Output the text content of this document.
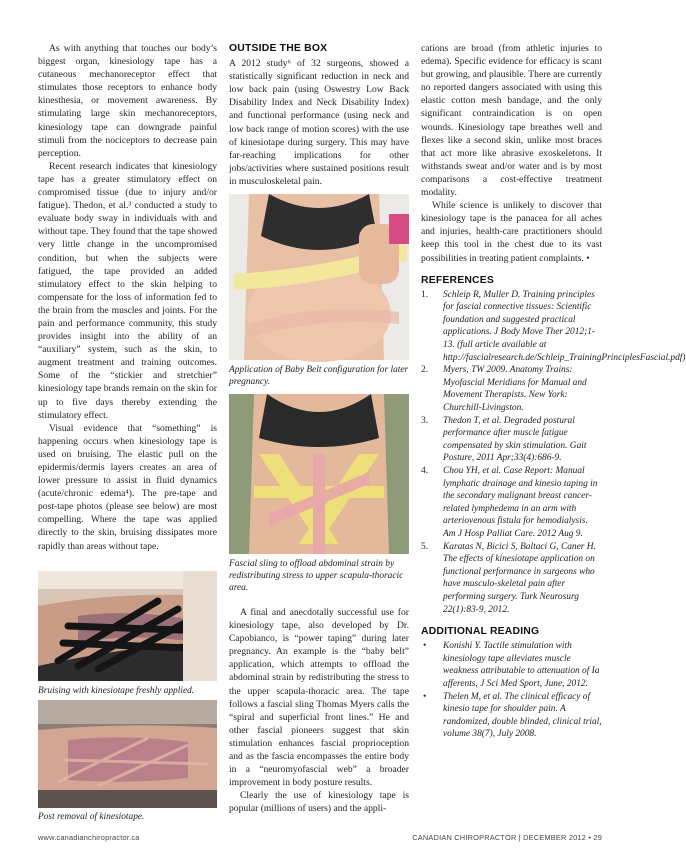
As with anything that touches our body’s biggest organ, kinesiology tape has a cutaneous mechanoreceptor effect that stimulates those receptors to enhance body kinesthesia, or movement awareness. By stimulating large skin mechanoreceptors, kinesiology tape can downgrade painful stimuli from the nociceptors to decrease pain perception.

Recent research indicates that kinesiology tape has a greater stimulatory effect on compromised tissue (due to injury and/or fatigue). Thedon, et al.³ conducted a study to evaluate body sway in individuals with and without tape. They found that the tape showed very little change in the uncompromised condition, but when the subjects were fatigued, the tape provided an added stimulatory effect to the skin helping to compensate for the loss of information fed to the brain from the muscles and joints. For the pain and performance community, this study provides insight into the ability of an “auxiliary” system, such as the skin, to augment treatment and training outcomes. Some of the “stickier and stretchier” kinesiology tape brands remain on the skin for up to five days thereby extending the stimulatory effect.

Visual evidence that “something” is happening occurs when kinesiology tape is used on bruising. The elastic pull on the epidermis/dermis layers creates an area of lower pressure to assist in fluid dynamics (acute/chronic edema⁴). The pre-tape and post-tape photos (please see below) are most compelling. Where the tape was applied directly to the skin, bruising dissipates more rapidly than areas without tape.

Bruising with kinesiotape freshly applied.

Post removal of kinesiotape.

OUTSIDE THE BOX

A 2012 study⁶ of 32 surgeons, showed a statistically significant reduction in neck and low back pain (using Oswestry Low Back Disability Index and Neck Disability Index) and functional performance (using neck and low back range of motion scores) with the use of kinesiotape during surgery. This may have far-reaching implications for other jobs/activities where sustained positions result in musculoskeletal pain.

Application of Baby Belt configuration for later pregnancy.

Fascial sling to offload abdominal strain by redistributing stress to upper scapula-thoracic area.

A final and anecdotally successful use for kinesiology tape, also developed by Dr. Capobianco, is “power taping” during later pregnancy. An example is the “baby belt” application, which attempts to offload the abdominal strain by redistributing the stress to the upper scapula-thoracic area. The tape follows a fascial sling Thomas Myers calls the “spiral and superficial front lines.” He and other fascial pioneers suggest that skin stimulation enhances fascial proprioception and as the fascia encompasses the entire body in a “neuromyofascial web” a broader improvement in body posture results.

Clearly the use of kinesiology tape is popular (millions of users) and the appli-

cations are broad (from athletic injuries to edema). Specific evidence for efficacy is scant but growing, and plausible. There are currently no reported dangers associated with using this elastic cotton mesh bandage, and the only significant contraindication is on open wounds. Kinesiology tape breathes well and flexes like a second skin, unlike most braces that act more like abrasive exoskeletons. It withstands sweat and/or water and is by most comparisons a cost-effective treatment modality.

While science is unlikely to discover that kinesiology tape is the panacea for all aches and injuries, health-care practitioners should keep this tool in the chest due to its vast possibilities in treating patient complaints. •

REFERENCES
1. Schleip R, Muller D. Training principles for fascial connective tissues: Scientific foundation and suggested practical applications. J Body Move Ther 2012;1-13. (full article available at http://fascialresearch.de/Schleip_TrainingPrinciplesFascial.pdf)
2. Myers, TW 2009. Anatomy Trains: Myofascial Meridians for Manual and Movement Therapists. New York: Churchill-Livingston.
3. Thedon T, et al. Degraded postural performance after muscle fatigue compensated by skin stimulation. Gait Posture, 2011 Apr;33(4):686-9.
4. Chou YH, et al. Case Report: Manual lymphatic drainage and kinesio taping in the secondary malignant breast cancer-related lymphedema in an arm with arteriovenous fistula for hemodialysis. Am J Hosp Palliat Care. 2012 Aug 9.
5. Karatas N, Bicici S, Baltaci G, Caner H. The effects of kinesiotape application on functional performance in surgeons who have musculo-skeletal pain after performing surgery. Turk Neurosurg 22(1):83-9, 2012.
ADDITIONAL READING
• Konishi Y. Tactile stimulation with kinesiology tape alleviates muscle weakness attributable to attenuation of Ia afferents, J Sci Med Sport, June, 2012.
• Thelen M, et al. The clinical efficacy of kinesio tape for shoulder pain. A randomized, double blinded, clinical trial, volume 38(7), July 2008.
www.canadianchiropractor.ca	CANADIAN CHIROPRACTOR | DECEMBER 2012 • 29
